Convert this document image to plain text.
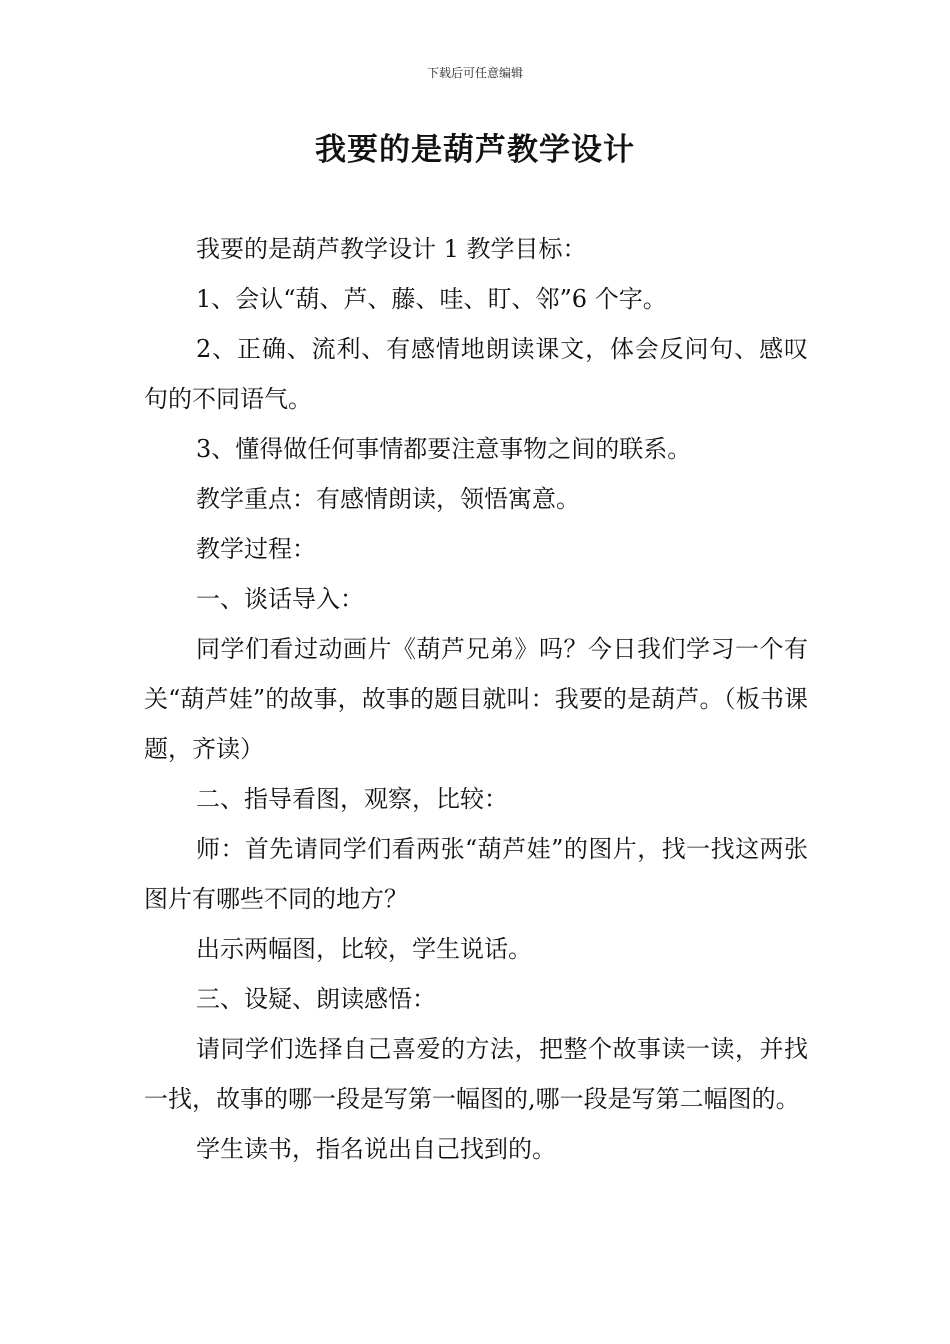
下载后可任意编辑
我要的是葫芦教学设计

我要的是葫芦教学设计 1 教学目标：

1、会认“葫、芦、藤、哇、盯、邻”6 个字。

2、正确、流利、有感情地朗读课文，体会反问句、感叹句的不同语气。

3、懂得做任何事情都要注意事物之间的联系。

教学重点：有感情朗读，领悟寓意。

教学过程：

一、谈话导入：

同学们看过动画片《葫芦兄弟》吗？今日我们学习一个有关“葫芦娃”的故事，故事的题目就叫：我要的是葫芦。（板书课题，齐读）

二、指导看图，观察，比较：

师：首先请同学们看两张“葫芦娃”的图片，找一找这两张图片有哪些不同的地方？

出示两幅图，比较，学生说话。

三、设疑、朗读感悟：

请同学们选择自己喜爱的方法，把整个故事读一读，并找一找，故事的哪一段是写第一幅图的,哪一段是写第二幅图的。

学生读书，指名说出自己找到的。
